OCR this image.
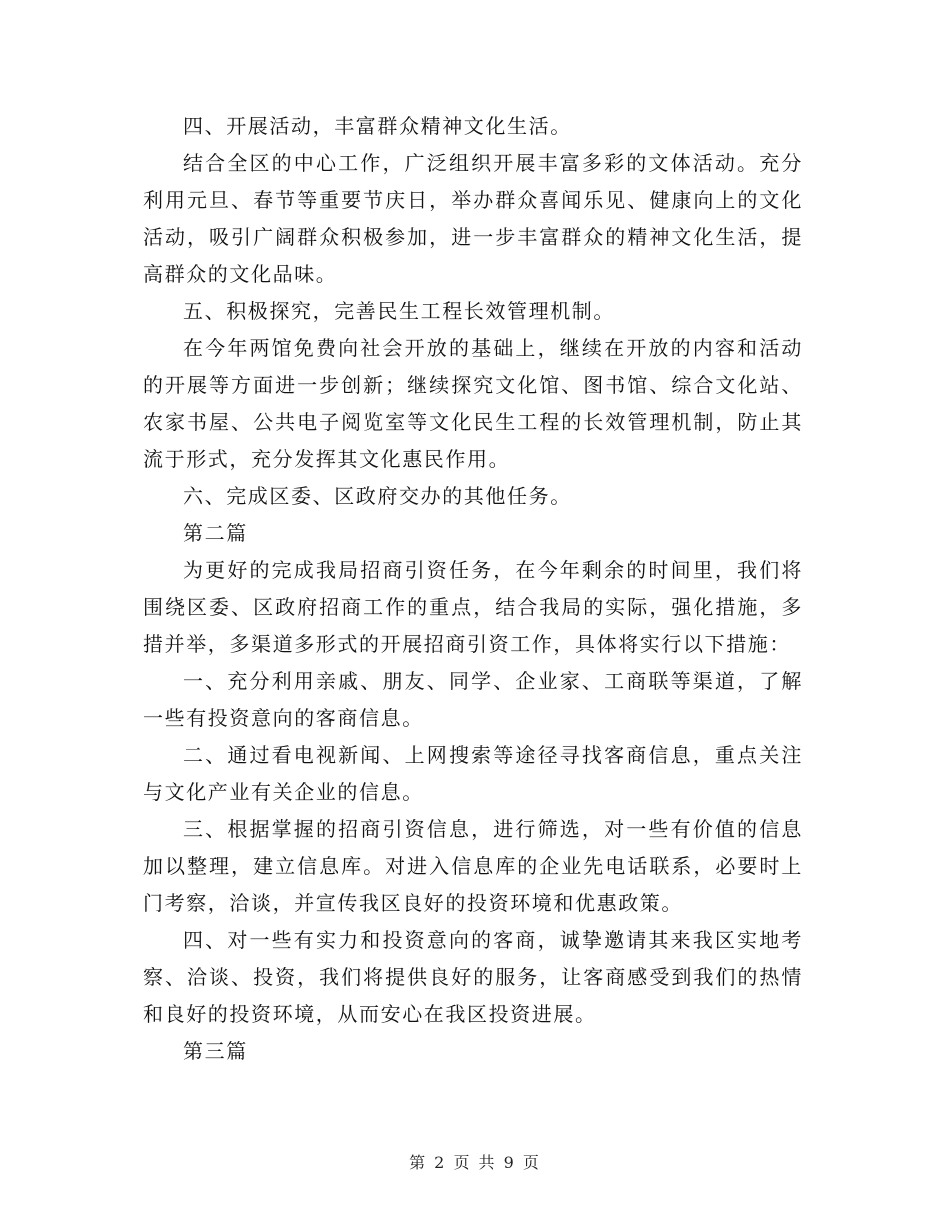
四、开展活动，丰富群众精神文化生活。

结合全区的中心工作，广泛组织开展丰富多彩的文体活动。充分利用元旦、春节等重要节庆日，举办群众喜闻乐见、健康向上的文化活动，吸引广阔群众积极参加，进一步丰富群众的精神文化生活，提高群众的文化品味。

五、积极探究，完善民生工程长效管理机制。

在今年两馆免费向社会开放的基础上，继续在开放的内容和活动的开展等方面进一步创新；继续探究文化馆、图书馆、综合文化站、农家书屋、公共电子阅览室等文化民生工程的长效管理机制，防止其流于形式，充分发挥其文化惠民作用。

六、完成区委、区政府交办的其他任务。

第二篇

为更好的完成我局招商引资任务，在今年剩余的时间里，我们将围绕区委、区政府招商工作的重点，结合我局的实际，强化措施，多措并举，多渠道多形式的开展招商引资工作，具体将实行以下措施：

一、充分利用亲戚、朋友、同学、企业家、工商联等渠道，了解一些有投资意向的客商信息。

二、通过看电视新闻、上网搜索等途径寻找客商信息，重点关注与文化产业有关企业的信息。

三、根据掌握的招商引资信息，进行筛选，对一些有价值的信息加以整理，建立信息库。对进入信息库的企业先电话联系，必要时上门考察，洽谈，并宣传我区良好的投资环境和优惠政策。

四、对一些有实力和投资意向的客商，诚挚邀请其来我区实地考察、洽谈、投资，我们将提供良好的服务，让客商感受到我们的热情和良好的投资环境，从而安心在我区投资进展。

第三篇

第 2 页 共 9 页
